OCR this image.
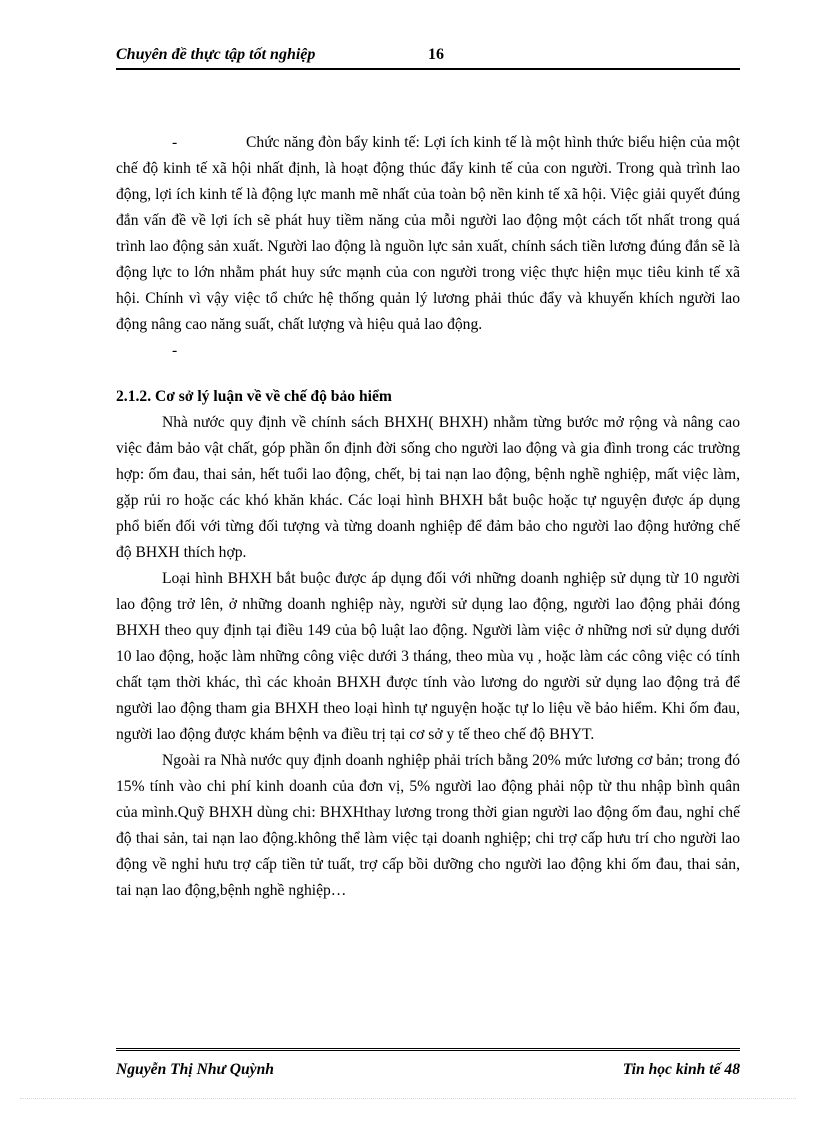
Chuyên đề thực tập tốt nghiệp	16

-	Chức năng đòn bẩy kinh tế: Lợi ích kinh tế là một hình thức biểu hiện của một chế độ kinh tế xã hội nhất định, là hoạt động thúc đẩy kinh tế của con người. Trong quà trình lao động, lợi ích kinh tế là động lực manh mẽ nhất của toàn bộ nền kinh tế xã hội. Việc giải quyết đúng đắn vấn đề về lợi ích sẽ phát huy tiềm năng của mỗi người lao động một cách tốt nhất trong quá trình lao động sản xuất. Người lao động là nguồn lực sản xuất, chính sách tiền lương đúng đắn sẽ là động lực to lớn nhằm phát huy sức mạnh của con người trong việc thực hiện mục tiêu kinh tế xã hội. Chính vì vậy việc tổ chức hệ thống quản lý lương phải thúc đẩy và khuyến khích người lao động nâng cao năng suất, chất lượng và hiệu quả lao động.

-

2.1.2. Cơ sở lý luận về về chế độ bảo hiểm

Nhà nước quy định về chính sách BHXH( BHXH) nhằm từng bước mở rộng và nâng cao việc đảm bảo vật chất, góp phần ổn định đời sống cho người lao động và gia đình trong các trường hợp: ốm đau, thai sản, hết tuổi lao động, chết, bị tai nạn lao động, bệnh nghề nghiệp, mất việc làm, gặp rủi ro hoặc các khó khăn khác. Các loại hình BHXH bắt buộc hoặc tự nguyện được áp dụng phổ biến đối với từng đối tượng và từng doanh nghiệp để đảm bảo cho người lao động hưởng chế độ BHXH thích hợp.

Loại hình BHXH bắt buộc được áp dụng đối với những doanh nghiệp sử dụng từ 10 người lao động trở lên, ở những doanh nghiệp này, người sử dụng lao động, người lao động phải đóng BHXH theo quy định tại điều 149 của bộ luật lao động. Người làm việc ở những nơi sử dụng dưới 10 lao động, hoặc làm những công việc dưới 3 tháng, theo mùa vụ , hoặc làm các công việc có tính chất tạm thời khác, thì các khoản BHXH được tính vào lương do người sử dụng lao động trả để người lao động tham gia BHXH theo loại hình tự nguyện hoặc tự lo liệu về bảo hiểm. Khi ốm đau, người lao động được khám bệnh va điều trị tại cơ sở y tế theo chế độ BHYT.

Ngoài ra Nhà nước quy định doanh nghiệp phải trích bằng 20% mức lương cơ bản; trong đó 15% tính vào chi phí kinh doanh của đơn vị, 5% người lao động phải nộp từ thu nhập bình quân của mình.Quỹ BHXH dùng chi: BHXHthay lương trong thời gian người lao động ốm đau, nghỉ chế độ thai sản, tai nạn lao động.không thể làm việc tại doanh nghiệp; chi trợ cấp hưu trí cho người lao động về nghỉ hưu trợ cấp tiền tử tuất, trợ cấp bồi dưỡng cho người lao động khi ốm đau, thai sản, tai nạn lao động,bệnh nghề nghiệp…

Nguyễn Thị Như Quỳnh	Tin học kinh tế 48
